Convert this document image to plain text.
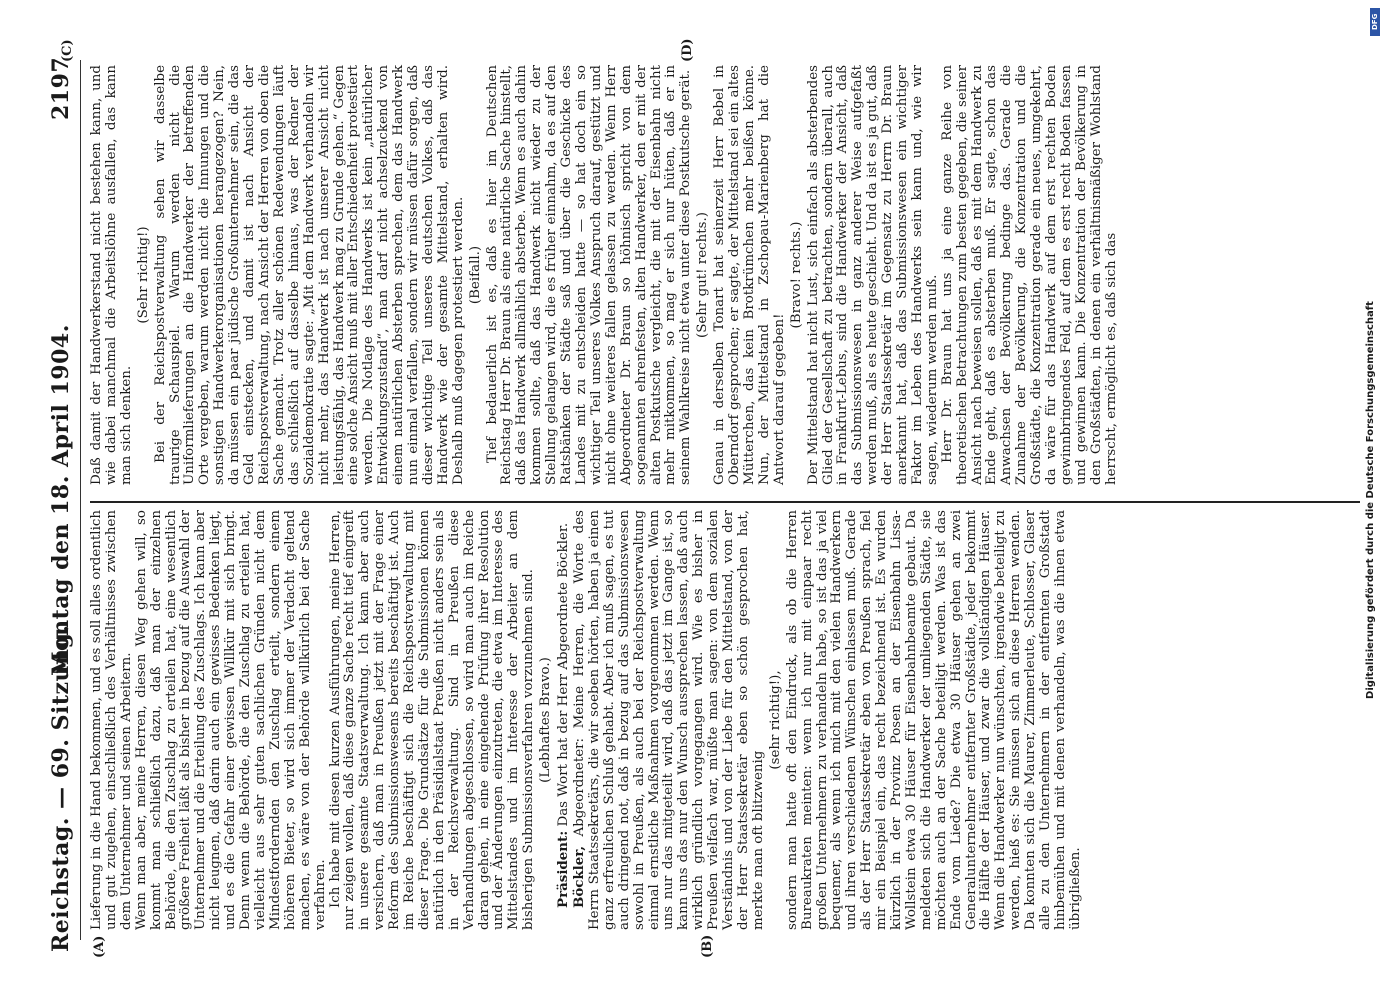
Reichstag. — 69. Sitzung.
Montag den 18. April 1904.
2197
(A)	(B)
(C)	(D)

Lieferung in die Hand bekommen, und es soll alles ordentlich und gut zugehen, einschließlich des Verhältnisses zwischen dem Unternehmer und seinen Arbeitern. Wenn man aber, meine Herren, diesen Weg gehen will, so kommt man schließlich dazu, daß man der einzelnen Behörde, die den Zuschlag zu erteilen hat, eine wesentlich größere Freiheit läßt als bisher in bezug auf die Auswahl der Unternehmer und die Erteilung des Zuschlags. Ich kann aber nicht leugnen, daß darin auch ein gewisses Bedenken liegt, und es die Gefahr einer gewissen Willkür mit sich bringt. Denn wenn die Behörde, die den Zuschlag zu erteilen hat, vielleicht aus sehr guten sachlichen Gründen nicht dem Mindestfordernden den Zuschlag erteilt, sondern einem höheren Bieter, so wird sich immer der Verdacht geltend machen, es wäre von der Behörde willkürlich bei der Sache verfahren. Ich habe mit diesen kurzen Ausführungen, meine Herren, nur zeigen wollen, daß diese ganze Sache recht tief eingreift in unsere gesamte Staatsverwaltung. Ich kann aber auch versichern, daß man in Preußen jetzt mit der Frage einer Reform des Submissionswesens bereits beschäftigt ist. Auch im Reiche beschäftigt sich die Reichspostverwaltung mit dieser Frage. Die Grundsätze für die Submissionen können natürlich in den Präsidialstaat Preußen nicht anders sein als in der Reichsverwaltung. Sind in Preußen diese Verhandlungen abgeschlossen, so wird man auch im Reiche daran gehen, in eine eingehende Prüfung ihrer Resolution und der Änderungen einzutreten, die etwa im Interesse des Mittelstandes und im Interesse der Arbeiter an dem bisherigen Submissionsverfahren vorzunehmen sind. (Lebhaftes Bravo.)

Präsident: Das Wort hat der Herr Abgeordnete Böckler.

Böckler, Abgeordneter: Meine Herren, die Worte des Herrn Staatssekretärs, die wir soeben hörten, haben ja einen ganz erfreulichen Schluß gehabt. Aber ich muß sagen, es tut auch dringend not, daß in bezug auf das Submissionswesen sowohl in Preußen, als auch bei der Reichspostverwaltung einmal ernstliche Maßnahmen vorgenommen werden. Wenn uns nur das mitgeteilt wird, daß das jetzt im Gange ist, so kann uns das nur den Wunsch aussprechen lassen, daß auch wirklich gründlich vorgegangen wird. Wie es bisher in Preußen vielfach war, müßte man sagen: von dem sozialen Verständnis und von der Liebe für den Mittelstand, von der der Herr Staatssekretär eben so schön gesprochen hat, merkte man oft blitzwenig

(sehr richtig!), sondern man hatte oft den Eindruck, als ob die Herren Bureaukraten meinten: wenn ich nur mit einpaar recht großen Unternehmern zu verhandeln habe, so ist das ja viel bequemer, als wenn ich mich mit den vielen Handwerkern und ihren verschiedenen Wünschen einlassen muß. Gerade als der Herr Staatssekretär eben von Preußen sprach, fiel mir ein Beispiel ein, das recht bezeichnend ist. Es wurden kürzlich in der Provinz Posen an der Eisenbahn Lissa-Wollstein etwa 30 Häuser für Eisenbahnbeamte gebaut. Da meldeten sich die Handwerker der umliegenden Städte, sie möchten auch an der Sache beteiligt werden. Was ist das Ende vom Liede? Die etwa 30 Häuser gehen an zwei Generalunternehmer entfernter Großstädte, jeder bekommt die Hälfte der Häuser, und zwar die vollständigen Häuser. Wenn die Handwerker nun wünschten, irgendwie beteiligt zu werden, hieß es: Sie müssen sich an diese Herren wenden. Da konnten sich die Maurer, Zimmerleute, Schlosser, Glaser alle zu den Unternehmern in der entfernten Großstadt hinbemühen und mit denen verhandeln, was die ihnen etwa übrigließen.

Daß damit der Handwerkerstand nicht bestehen kann, und wie dabei manchmal die Arbeitslöhne ausfallen, das kann man sich denken.

(Sehr richtig!) Bei der Reichspostverwaltung sehen wir dasselbe traurige Schauspiel. Warum werden nicht die Uniformlieferungen an die Handwerker der betreffenden Orte vergeben, warum werden nicht die Innungen und die sonstigen Handwerkerorganisationen herangezogen? Nein, da müssen ein paar jüdische Großunternehmer sein, die das Geld einstecken, und damit ist nach Ansicht der Reichspostverwaltung, nach Ansicht der Herren von oben die Sache gemacht. Trotz aller schönen Redewendungen läuft das schließlich auf dasselbe hinaus, was der Redner der Sozialdemokratie sagte: „Mit dem Handwerk verhandeln wir nicht mehr, das Handwerk ist nach unserer Ansicht nicht leistungsfähig, das Handwerk mag zu Grunde gehen.“ Gegen eine solche Ansicht muß mit aller Entschiedenheit protestiert werden. Die Notlage des Handwerks ist kein „natürlicher Entwicklungszustand“, man darf nicht achselzuckend von einem natürlichen Absterben sprechen, dem das Handwerk nun einmal verfallen, sondern wir müssen dafür sorgen, daß dieser wichtige Teil unseres deutschen Volkes, daß das Handwerk wie der gesamte Mittelstand, erhalten wird. Deshalb muß dagegen protestiert werden. (Beifall.) Tief bedauerlich ist es, daß es hier im Deutschen Reichstag Herr Dr. Braun als eine natürliche Sache hinstellt, daß das Handwerk allmählich absterbe. Wenn es auch dahin kommen sollte, daß das Handwerk nicht wieder zu der Stellung gelangen wird, die es früher einnahm, da es auf den Ratsbänken der Städte saß und über die Geschicke des Landes mit zu entscheiden hatte — so hat doch ein so wichtiger Teil unseres Volkes Anspruch darauf, gestützt und nicht ohne weiteres fallen gelassen zu werden. Wenn Herr Abgeordneter Dr. Braun so höhnisch spricht von dem sogenannten ehrenfesten, alten Handwerker, den er mit der alten Postkutsche vergleicht, die mit der Eisenbahn nicht mehr mitkommen, so mag er sich nur hüten, daß er in seinem Wahlkreise nicht etwa unter diese Postkutsche gerät. (Sehr gut! rechts.) Genau in derselben Tonart hat seinerzeit Herr Bebel in Oberndorf gesprochen; er sagte, der Mittelstand sei ein altes Mütterchen, das kein Brotkrümchen mehr beißen könne. Nun, der Mittelstand in Zschopau-Marienberg hat die Antwort darauf gegeben!

(Bravo! rechts.) Der Mittelstand hat nicht Lust, sich einfach als absterbendes Glied der Gesellschaft zu betrachten, sondern überall, auch in Frankfurt-Lebus, sind die Handwerker der Ansicht, daß das Submissionswesen in ganz anderer Weise aufgefaßt werden muß, als es heute geschieht. Und da ist es ja gut, daß der Herr Staatssekretär im Gegensatz zu Herrn Dr. Braun anerkannt hat, daß das Submissionswesen ein wichtiger Faktor im Leben des Handwerks sein kann und, wie wir sagen, wiederum werden muß. Herr Dr. Braun hat uns ja eine ganze Reihe von theoretischen Betrachtungen zum besten gegeben, die seiner Ansicht nach beweisen sollen, daß es mit dem Handwerk zu Ende geht, daß es absterben muß. Er sagte, schon das Anwachsen der Bevölkerung bedinge das. Gerade die Zunahme der Bevölkerung, die Konzentration und die Großstädte, die Konzentration gerade ein neues, umgekehrt, da wäre für das Handwerk auf dem erst rechten Boden gewinnbringendes Feld, auf dem es erst recht Boden fassen und gewinnen kann. Die Konzentration der Bevölkerung in den Großstädten, in denen ein verhältnismäßiger Wohlstand herrscht, ermöglicht es, daß sich das	Digitalisierung gefördert durch die Deutsche Forschungsgemeinschaft
DFG
